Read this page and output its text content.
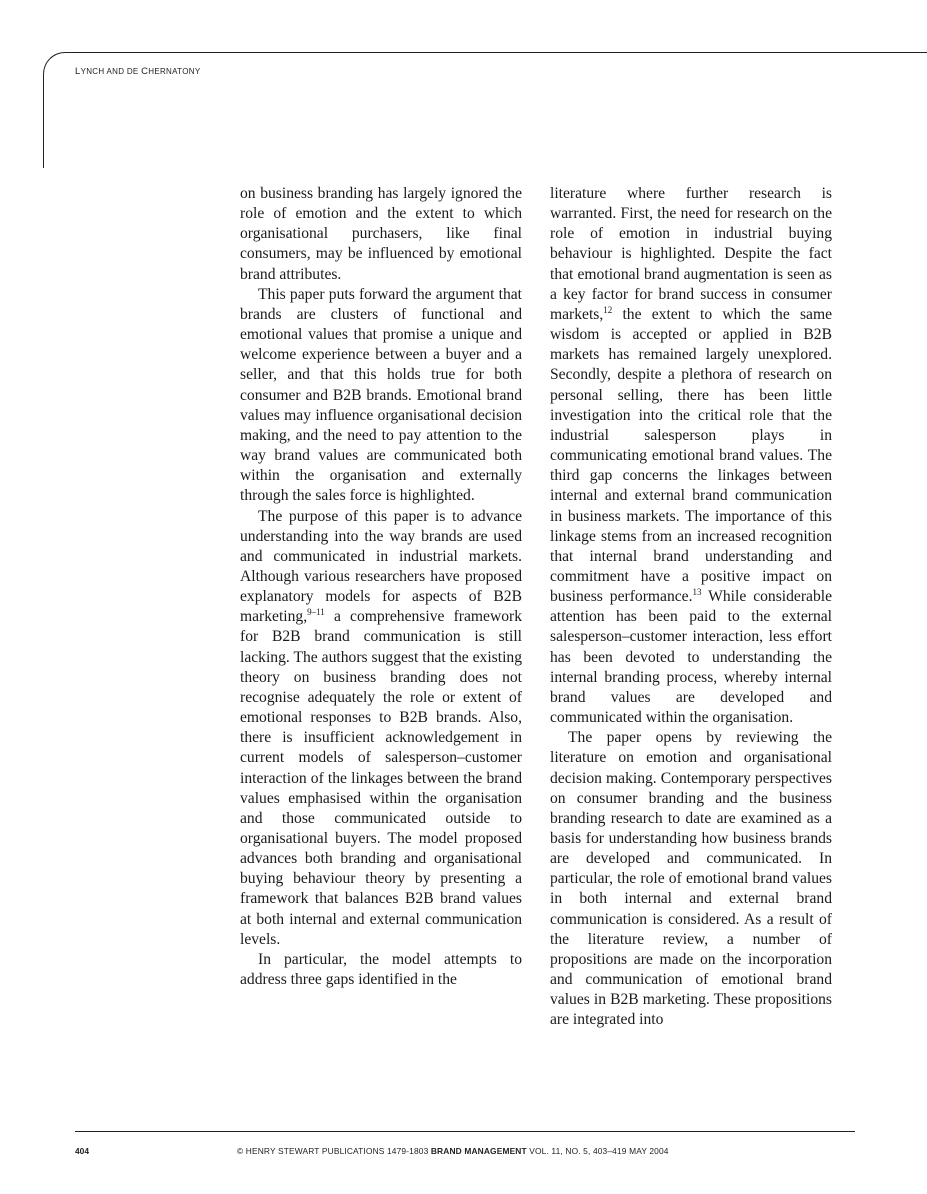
LYNCH AND DE CHERNATONY

on business branding has largely ignored the role of emotion and the extent to which organisational purchasers, like final consumers, may be influenced by emotional brand attributes.

This paper puts forward the argument that brands are clusters of functional and emotional values that promise a unique and welcome experience between a buyer and a seller, and that this holds true for both consumer and B2B brands. Emotional brand values may influence organisational decision making, and the need to pay attention to the way brand values are communicated both within the organisation and externally through the sales force is highlighted.

The purpose of this paper is to advance understanding into the way brands are used and communicated in industrial markets. Although various researchers have proposed explanatory models for aspects of B2B marketing,$^{9-11}$ a comprehensive framework for B2B brand communication is still lacking. The authors suggest that the existing theory on business branding does not recognise adequately the role or extent of emotional responses to B2B brands. Also, there is insufficient acknowledgement in current models of salesperson–customer interaction of the linkages between the brand values emphasised within the organisation and those communicated outside to organisational buyers. The model proposed advances both branding and organisational buying behaviour theory by presenting a framework that balances B2B brand values at both internal and external communication levels.

In particular, the model attempts to address three gaps identified in the

literature where further research is warranted. First, the need for research on the role of emotion in industrial buying behaviour is highlighted. Despite the fact that emotional brand augmentation is seen as a key factor for brand success in consumer markets,$^{12}$ the extent to which the same wisdom is accepted or applied in B2B markets has remained largely unexplored. Secondly, despite a plethora of research on personal selling, there has been little investigation into the critical role that the industrial salesperson plays in communicating emotional brand values. The third gap concerns the linkages between internal and external brand communication in business markets. The importance of this linkage stems from an increased recognition that internal brand understanding and commitment have a positive impact on business performance.$^{13}$ While considerable attention has been paid to the external salesperson–customer interaction, less effort has been devoted to understanding the internal branding process, whereby internal brand values are developed and communicated within the organisation.

The paper opens by reviewing the literature on emotion and organisational decision making. Contemporary perspectives on consumer branding and the business branding research to date are examined as a basis for understanding how business brands are developed and communicated. In particular, the role of emotional brand values in both internal and external brand communication is considered. As a result of the literature review, a number of propositions are made on the incorporation and communication of emotional brand values in B2B marketing. These propositions are integrated into

404	© HENRY STEWART PUBLICATIONS 1479-1803 BRAND MANAGEMENT VOL. 11, NO. 5, 403–419 MAY 2004
